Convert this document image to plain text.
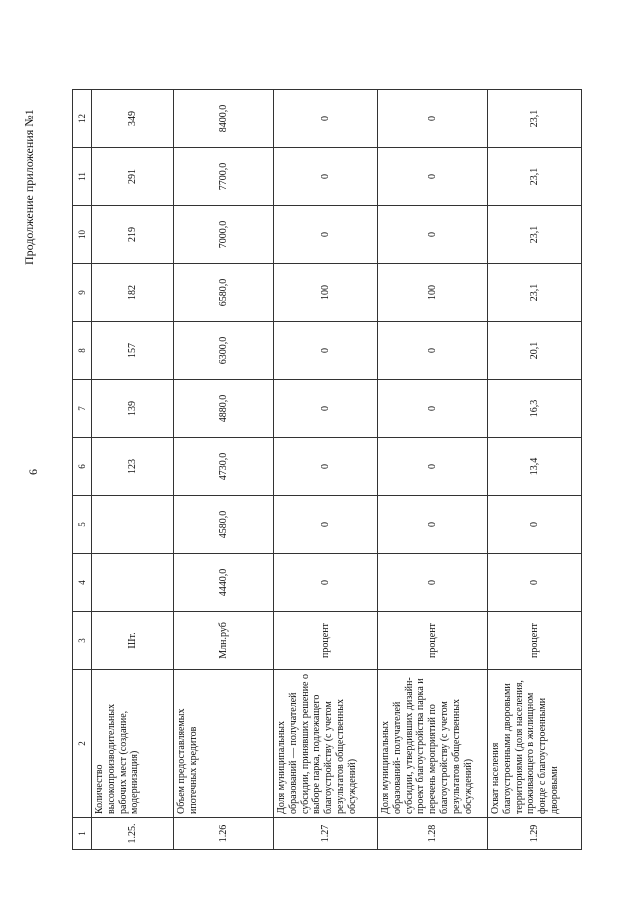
6
Продолжение приложения №1
1	2	3	4	5	6	7	8	9	10	11	12
1.25.	Количество высокопроизводительных рабочих мест (создание, модернизация)	Шт.			123	139	157	182	219	291	349
1.26	Объем предоставляемых ипотечных кредитов	Млн.руб	4440,0	4580,0	4730,0	4880,0	6300,0	6580,0	7000,0	7700,0	8400,0
1.27	Доля муниципальных образований — получателей субсидии, принявших решение о выборе парка, подлежащего благоустройству (с учетом результатов общественных обсуждений)	процент	0	0	0	0	0	100	0	0	0
1.28	Доля муниципальных образований- получателей субсидии, утвердивших дизайн-проект благоустройства парка и перечень мероприятий по благоустройству (с учетом результатов общественных обсуждений)	процент	0	0	0	0	0	100	0	0	0
1.29	Охват населения благоустроенными дворовыми территориями (доля населения, проживающего в жилищном фонде с благоустроенными дворовыми	процент	0	0	13,4	16,3	20,1	23,1	23,1	23,1	23,1
